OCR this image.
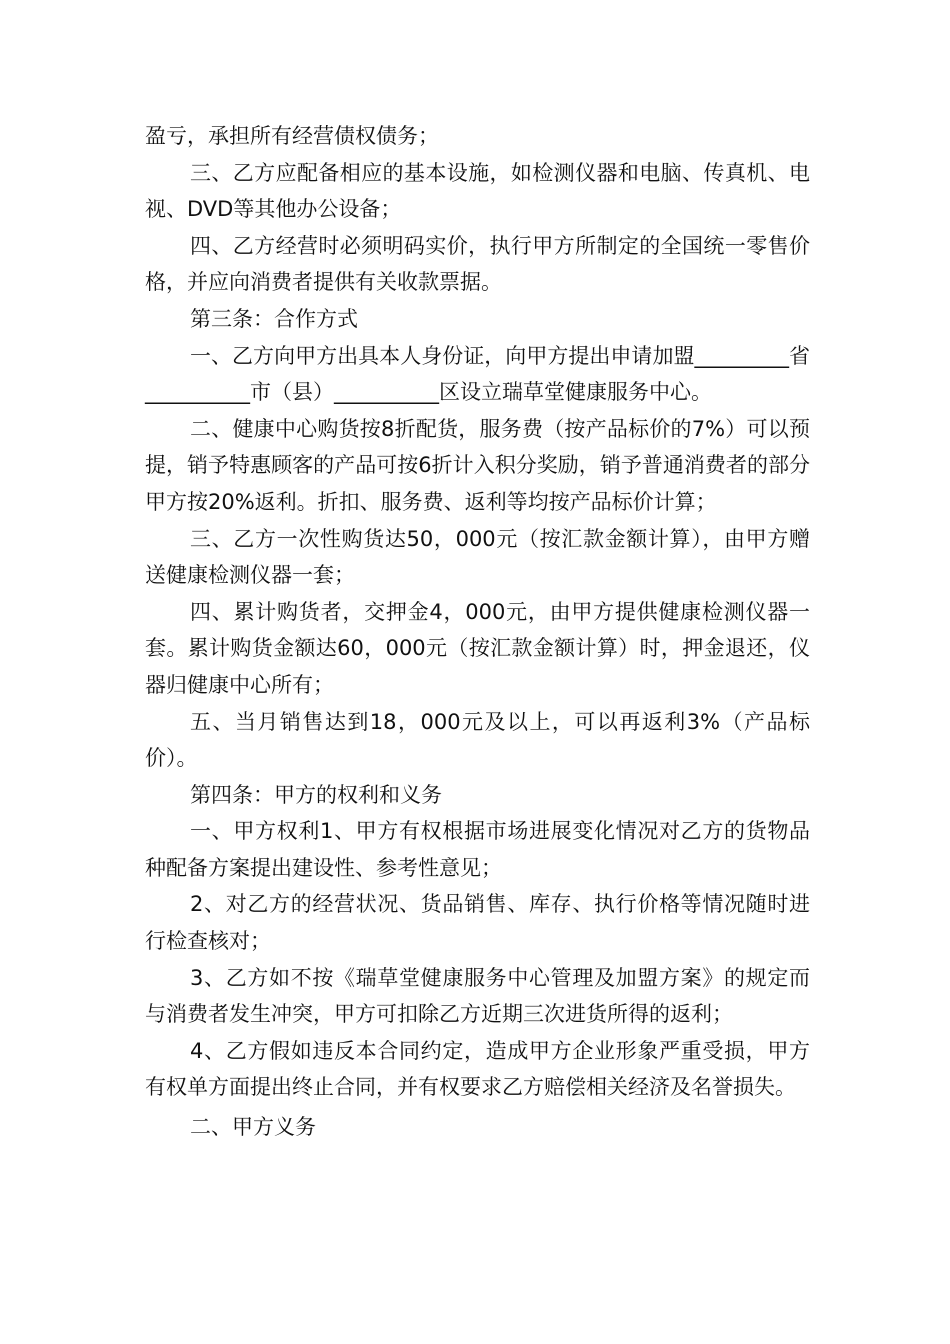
盈亏，承担所有经营债权债务；

三、乙方应配备相应的基本设施，如检测仪器和电脑、传真机、电视、DVD等其他办公设备；

四、乙方经营时必须明码实价，执行甲方所制定的全国统一零售价格，并应向消费者提供有关收款票据。

第三条：合作方式

一、乙方向甲方出具本人身份证，向甲方提出申请加盟_________省__________市（县）__________区设立瑞草堂健康服务中心。

二、健康中心购货按8折配货，服务费（按产品标价的7%）可以预提，销予特惠顾客的产品可按6折计入积分奖励，销予普通消费者的部分甲方按20%返利。折扣、服务费、返利等均按产品标价计算；

三、乙方一次性购货达50，000元（按汇款金额计算），由甲方赠送健康检测仪器一套；

四、累计购货者，交押金4，000元，由甲方提供健康检测仪器一套。累计购货金额达60，000元（按汇款金额计算）时，押金退还，仪器归健康中心所有；

五、当月销售达到18，000元及以上，可以再返利3%（产品标价）。

第四条：甲方的权利和义务

一、甲方权利1、甲方有权根据市场进展变化情况对乙方的货物品种配备方案提出建设性、参考性意见；

2、对乙方的经营状况、货品销售、库存、执行价格等情况随时进行检查核对；

3、乙方如不按《瑞草堂健康服务中心管理及加盟方案》的规定而与消费者发生冲突，甲方可扣除乙方近期三次进货所得的返利；

4、乙方假如违反本合同约定，造成甲方企业形象严重受损，甲方有权单方面提出终止合同，并有权要求乙方赔偿相关经济及名誉损失。

二、甲方义务
